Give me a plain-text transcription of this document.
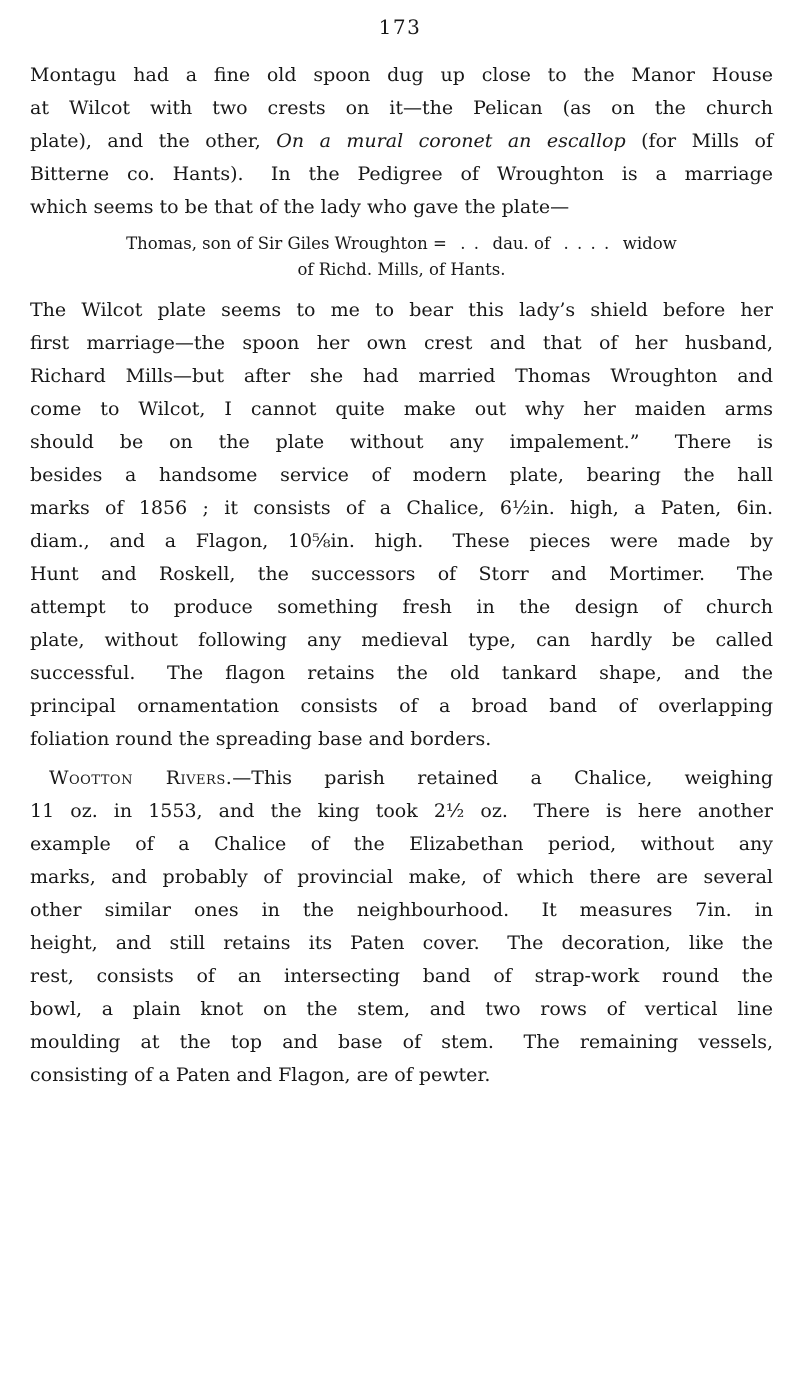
173
Montagu had a fine old spoon dug up close to the Manor House
at Wilcot with two crests on it—the Pelican (as on the church
plate), and the other, On a mural coronet an escallop (for Mills of
Bitterne co. Hants).  In the Pedigree of Wroughton is a marriage
which seems to be that of the lady who gave the plate—
Thomas, son of Sir Giles Wroughton =  . .  dau. of  . . . .  widow
of Richd. Mills, of Hants.
The Wilcot plate seems to me to bear this lady’s shield before her
first marriage—the spoon her own crest and that of her husband,
Richard Mills—but after she had married Thomas Wroughton and
come to Wilcot, I cannot quite make out why her maiden arms
should be on the plate without any impalement.”  There is
besides a handsome service of modern plate, bearing the hall
marks of 1856 ; it consists of a Chalice, 6½in. high, a Paten, 6in.
diam., and a Flagon, 10⅝in. high.  These pieces were made by
Hunt and Roskell, the successors of Storr and Mortimer.  The
attempt to produce something fresh in the design of church
plate, without following any medieval type, can hardly be called
successful.  The flagon retains the old tankard shape, and the
principal ornamentation consists of a broad band of overlapping
foliation round the spreading base and borders.
Wootton Rivers.—This parish retained a Chalice, weighing
11 oz. in 1553, and the king took 2½ oz.  There is here another
example of a Chalice of the Elizabethan period, without any
marks, and probably of provincial make, of which there are several
other similar ones in the neighbourhood.  It measures 7in. in
height, and still retains its Paten cover.  The decoration, like the
rest, consists of an intersecting band of strap-work round the
bowl, a plain knot on the stem, and two rows of vertical line
moulding at the top and base of stem.  The remaining vessels,
consisting of a Paten and Flagon, are of pewter.
